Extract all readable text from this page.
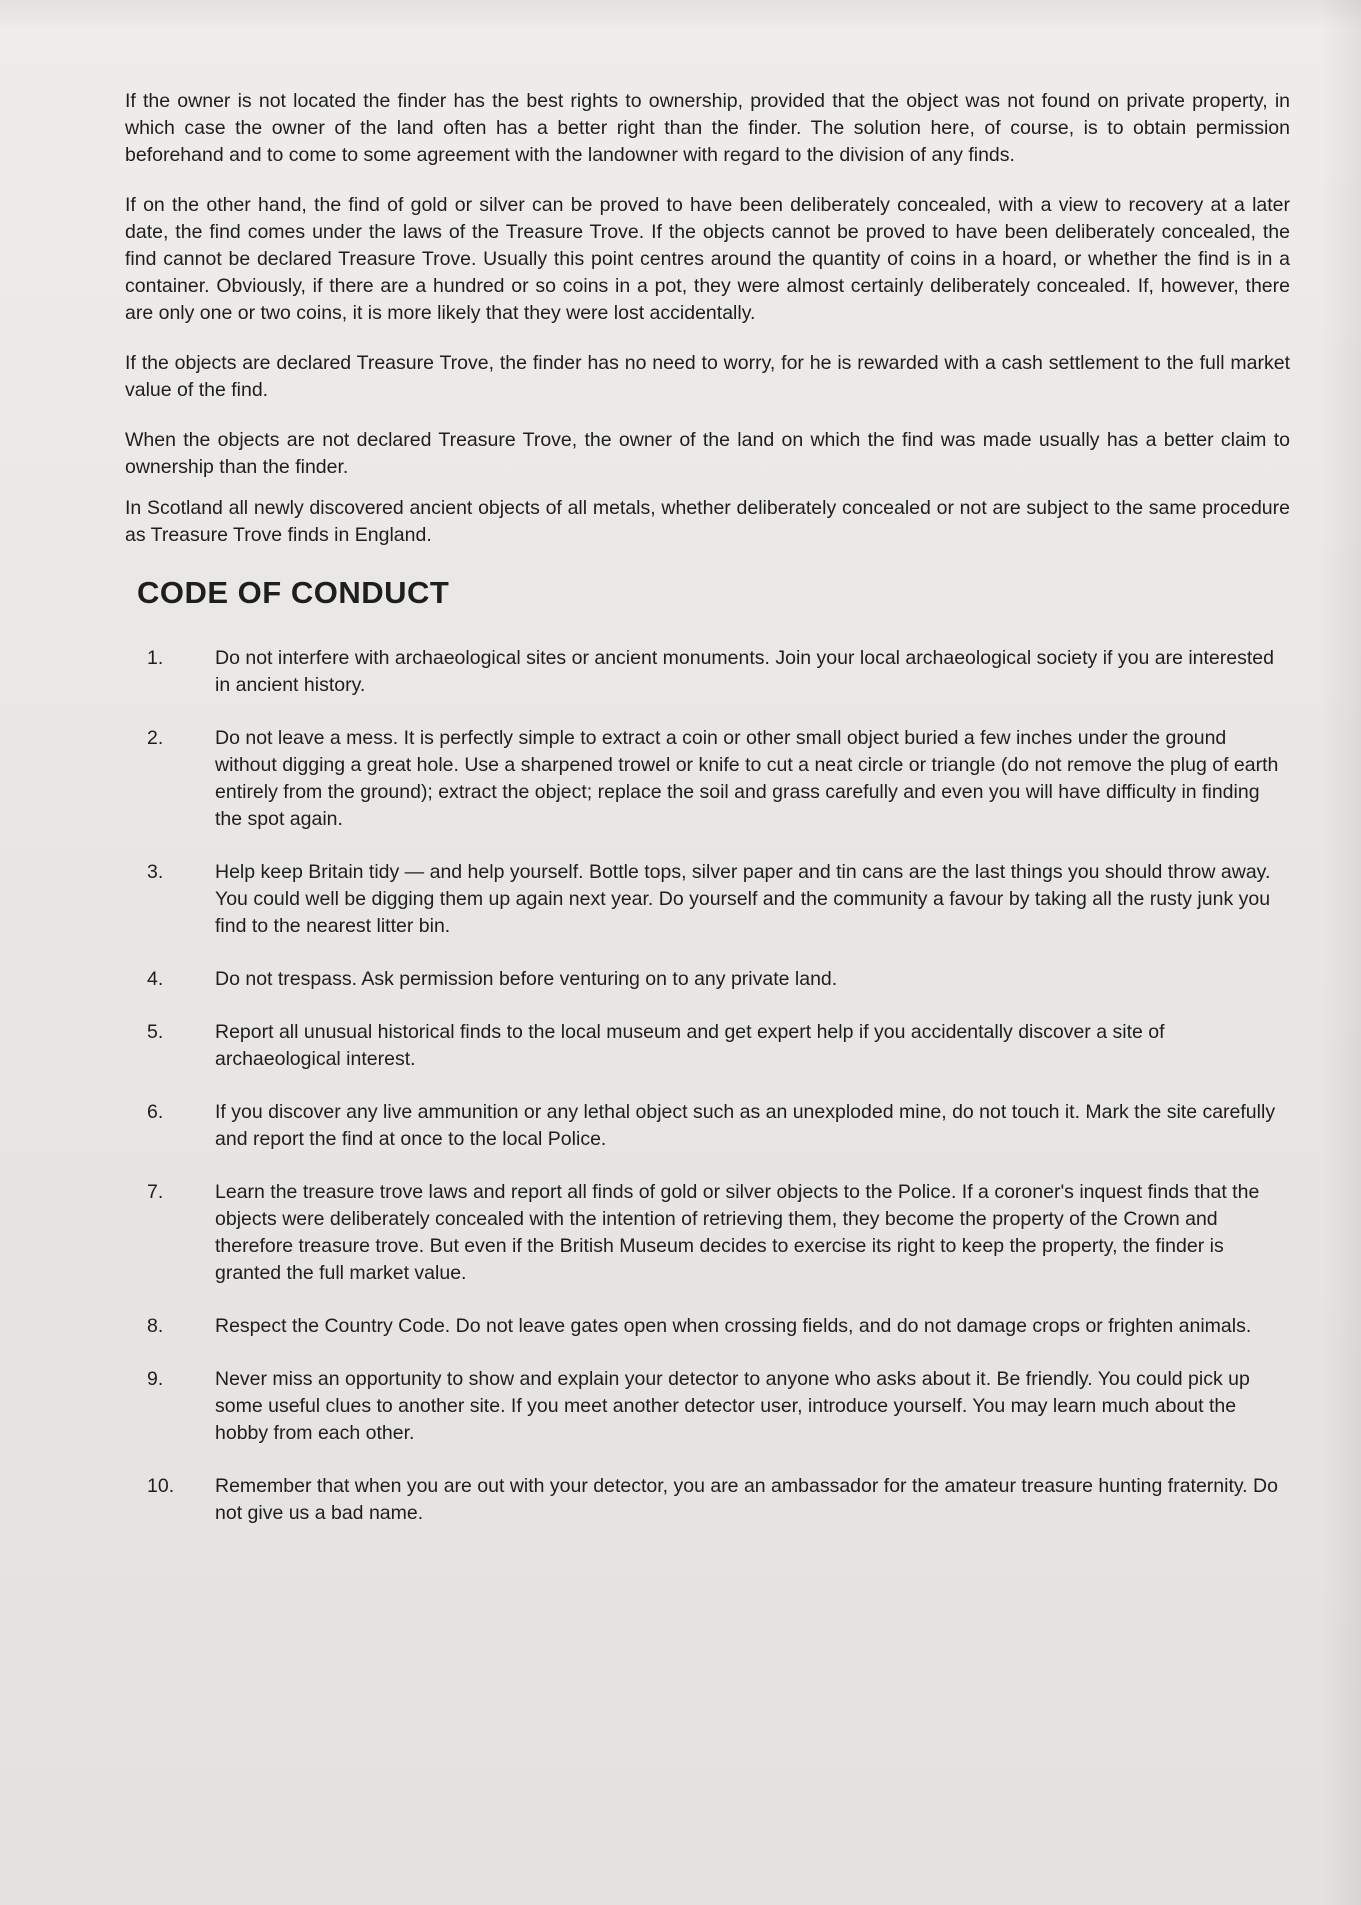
If the owner is not located the finder has the best rights to ownership, provided that the object was not found on private property, in which case the owner of the land often has a better right than the finder. The solution here, of course, is to obtain permission beforehand and to come to some agreement with the landowner with regard to the division of any finds.

If on the other hand, the find of gold or silver can be proved to have been deliberately concealed, with a view to recovery at a later date, the find comes under the laws of the Treasure Trove. If the objects cannot be proved to have been deliberately concealed, the find cannot be declared Treasure Trove. Usually this point centres around the quantity of coins in a hoard, or whether the find is in a container. Obviously, if there are a hundred or so coins in a pot, they were almost certainly deliberately concealed. If, however, there are only one or two coins, it is more likely that they were lost accidentally.

If the objects are declared Treasure Trove, the finder has no need to worry, for he is rewarded with a cash settlement to the full market value of the find.

When the objects are not declared Treasure Trove, the owner of the land on which the find was made usually has a better claim to ownership than the finder.

In Scotland all newly discovered ancient objects of all metals, whether deliberately concealed or not are subject to the same procedure as Treasure Trove finds in England.

CODE OF CONDUCT
1.	Do not interfere with archaeological sites or ancient monuments. Join your local archaeological society if you are interested in ancient history.
2.	Do not leave a mess. It is perfectly simple to extract a coin or other small object buried a few inches under the ground without digging a great hole. Use a sharpened trowel or knife to cut a neat circle or triangle (do not remove the plug of earth entirely from the ground); extract the object; replace the soil and grass carefully and even you will have difficulty in finding the spot again.
3.	Help keep Britain tidy — and help yourself. Bottle tops, silver paper and tin cans are the last things you should throw away. You could well be digging them up again next year. Do yourself and the community a favour by taking all the rusty junk you find to the nearest litter bin.
4.	Do not trespass. Ask permission before venturing on to any private land.
5.	Report all unusual historical finds to the local museum and get expert help if you accidentally discover a site of archaeological interest.
6.	If you discover any live ammunition or any lethal object such as an unexploded mine, do not touch it. Mark the site carefully and report the find at once to the local Police.
7.	Learn the treasure trove laws and report all finds of gold or silver objects to the Police. If a coroner's inquest finds that the objects were deliberately concealed with the intention of retrieving them, they become the property of the Crown and therefore treasure trove. But even if the British Museum decides to exercise its right to keep the property, the finder is granted the full market value.
8.	Respect the Country Code. Do not leave gates open when crossing fields, and do not damage crops or frighten animals.
9.	Never miss an opportunity to show and explain your detector to anyone who asks about it. Be friendly. You could pick up some useful clues to another site. If you meet another detector user, introduce yourself. You may learn much about the hobby from each other.
10.	Remember that when you are out with your detector, you are an ambassador for the amateur treasure hunting fraternity. Do not give us a bad name.
